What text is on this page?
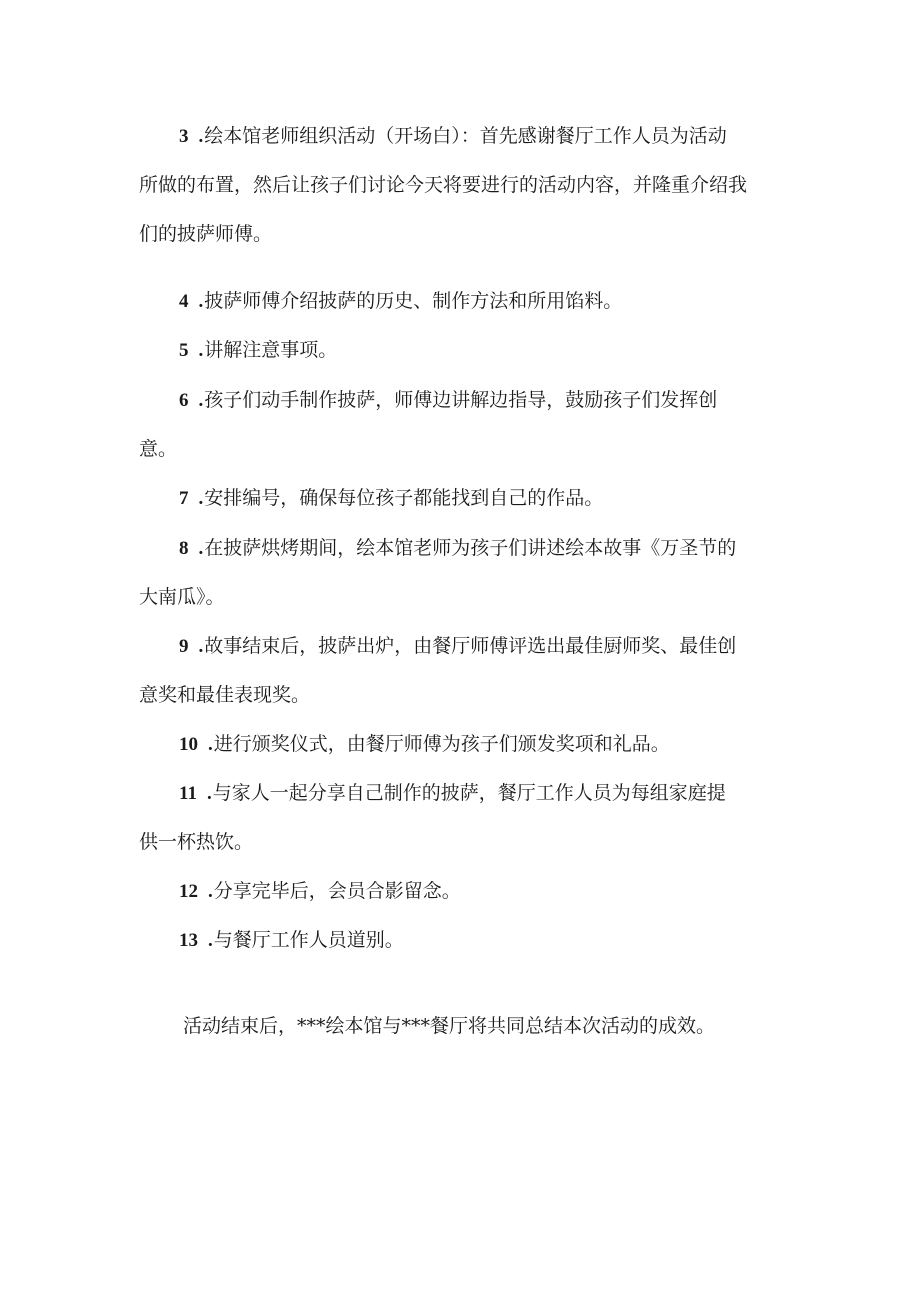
3 .绘本馆老师组织活动（开场白）：首先感谢餐厅工作人员为活动
所做的布置，然后让孩子们讨论今天将要进行的活动内容，并隆重介绍我
们的披萨师傅。

4 .披萨师傅介绍披萨的历史、制作方法和所用馅料。

5 .讲解注意事项。

6 .孩子们动手制作披萨，师傅边讲解边指导，鼓励孩子们发挥创
意。

7 .安排编号，确保每位孩子都能找到自己的作品。

8 .在披萨烘烤期间，绘本馆老师为孩子们讲述绘本故事《万圣节的
大南瓜》。

9 .故事结束后，披萨出炉，由餐厅师傅评选出最佳厨师奖、最佳创
意奖和最佳表现奖。

10 .进行颁奖仪式，由餐厅师傅为孩子们颁发奖项和礼品。

11 .与家人一起分享自己制作的披萨，餐厅工作人员为每组家庭提
供一杯热饮。

12 .分享完毕后，会员合影留念。

13 .与餐厅工作人员道别。

活动结束后，***绘本馆与***餐厅将共同总结本次活动的成效。
